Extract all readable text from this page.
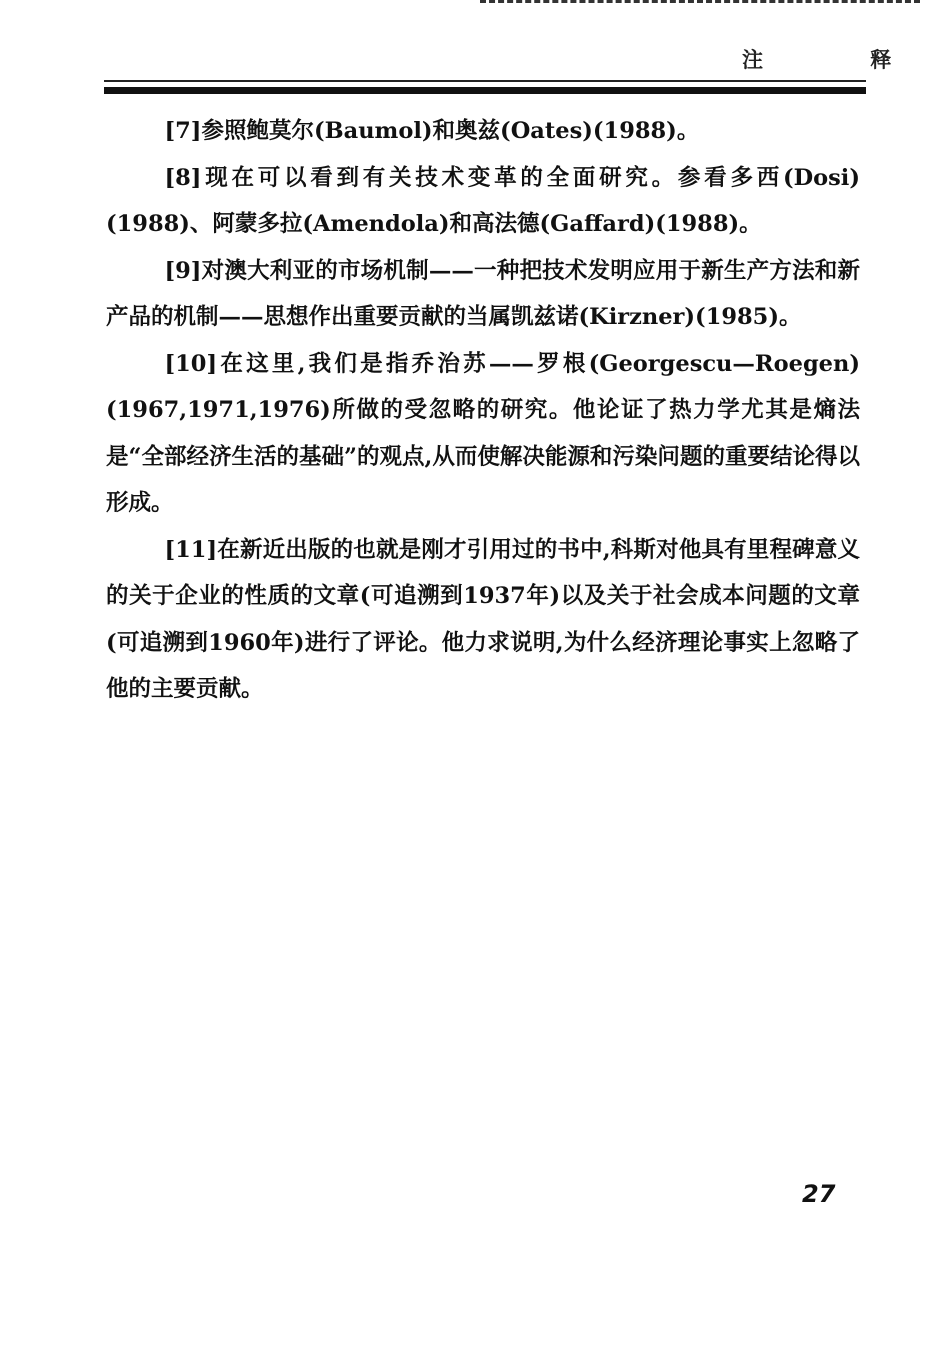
注 释

[7]参照鲍莫尔(Baumol)和奥兹(Oates)(1988)。

[8]现在可以看到有关技术变革的全面研究。参看多西(Dosi)(1988)、阿蒙多拉(Amendola)和高法德(Gaffard)(1988)。

[9]对澳大利亚的市场机制——一种把技术发明应用于新生产方法和新产品的机制——思想作出重要贡献的当属凯兹诺(Kirzner)(1985)。

[10]在这里,我们是指乔治苏——罗根(Georgescu—Roegen)(1967,1971,1976)所做的受忽略的研究。他论证了热力学尤其是熵法是“全部经济生活的基础”的观点,从而使解决能源和污染问题的重要结论得以形成。

[11]在新近出版的也就是刚才引用过的书中,科斯对他具有里程碑意义的关于企业的性质的文章(可追溯到1937年)以及关于社会成本问题的文章(可追溯到1960年)进行了评论。他力求说明,为什么经济理论事实上忽略了他的主要贡献。

27
